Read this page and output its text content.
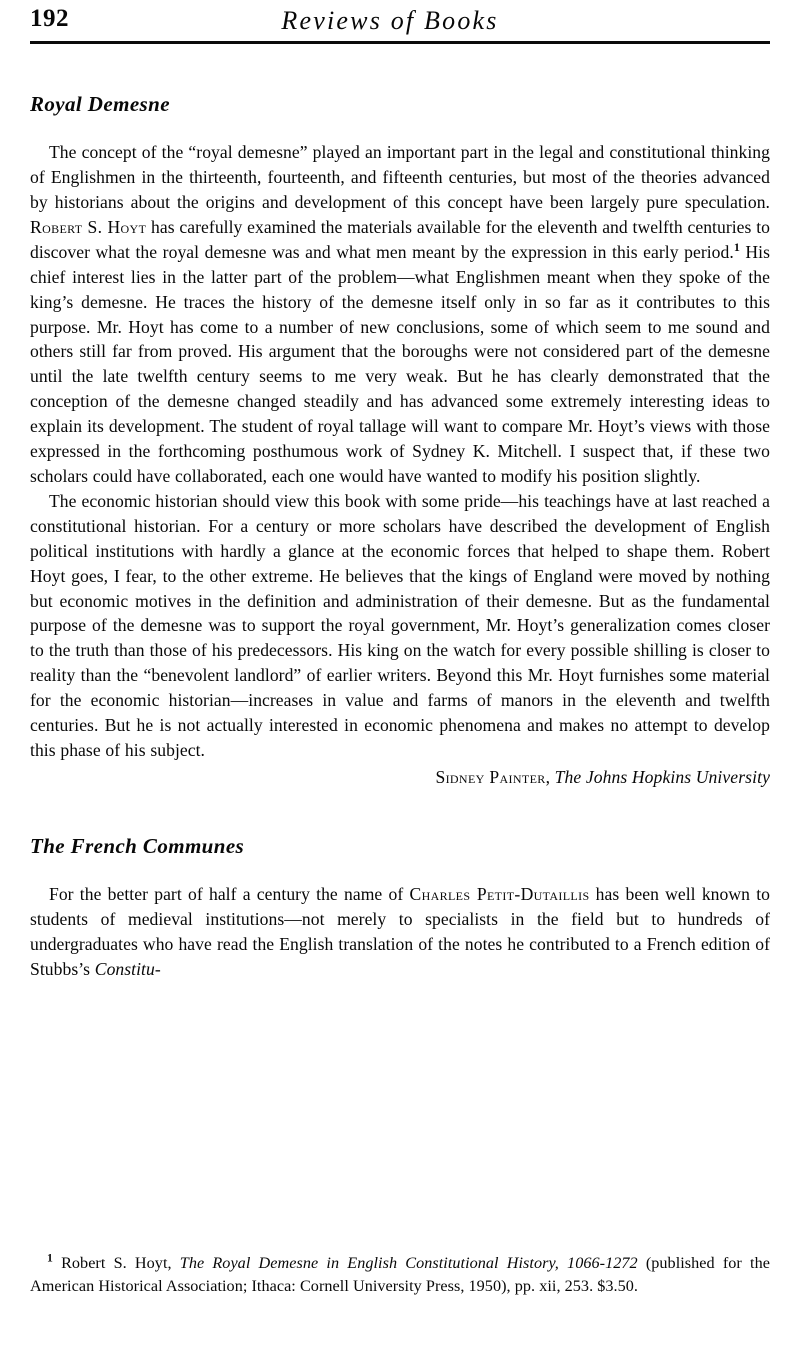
192	Reviews of Books
Royal Demesne

The concept of the “royal demesne” played an important part in the legal and constitutional thinking of Englishmen in the thirteenth, fourteenth, and fifteenth centuries, but most of the theories advanced by historians about the origins and development of this concept have been largely pure speculation. Robert S. Hoyt has carefully examined the materials available for the eleventh and twelfth centuries to discover what the royal demesne was and what men meant by the expression in this early period.$^1$ His chief interest lies in the latter part of the problem—what Englishmen meant when they spoke of the king’s demesne. He traces the history of the demesne itself only in so far as it contributes to this purpose. Mr. Hoyt has come to a number of new conclusions, some of which seem to me sound and others still far from proved. His argument that the boroughs were not considered part of the demesne until the late twelfth century seems to me very weak. But he has clearly demonstrated that the conception of the demesne changed steadily and has advanced some extremely interesting ideas to explain its development. The student of royal tallage will want to compare Mr. Hoyt’s views with those expressed in the forthcoming posthumous work of Sydney K. Mitchell. I suspect that, if these two scholars could have collaborated, each one would have wanted to modify his position slightly.

The economic historian should view this book with some pride—his teachings have at last reached a constitutional historian. For a century or more scholars have described the development of English political institutions with hardly a glance at the economic forces that helped to shape them. Robert Hoyt goes, I fear, to the other extreme. He believes that the kings of England were moved by nothing but economic motives in the definition and administration of their demesne. But as the fundamental purpose of the demesne was to support the royal government, Mr. Hoyt’s generalization comes closer to the truth than those of his predecessors. His king on the watch for every possible shilling is closer to reality than the “benevolent landlord” of earlier writers. Beyond this Mr. Hoyt furnishes some material for the economic historian—increases in value and farms of manors in the eleventh and twelfth centuries. But he is not actually interested in economic phenomena and makes no attempt to develop this phase of his subject.

Sidney Painter, The Johns Hopkins University

The French Communes

For the better part of half a century the name of Charles Petit-Dutaillis has been well known to students of medieval institutions—not merely to specialists in the field but to hundreds of undergraduates who have read the English translation of the notes he contributed to a French edition of Stubbs’s Constitu-

$^1$ Robert S. Hoyt, The Royal Demesne in English Constitutional History, 1066-1272 (published for the American Historical Association; Ithaca: Cornell University Press, 1950), pp. xii, 253. $3.50.
